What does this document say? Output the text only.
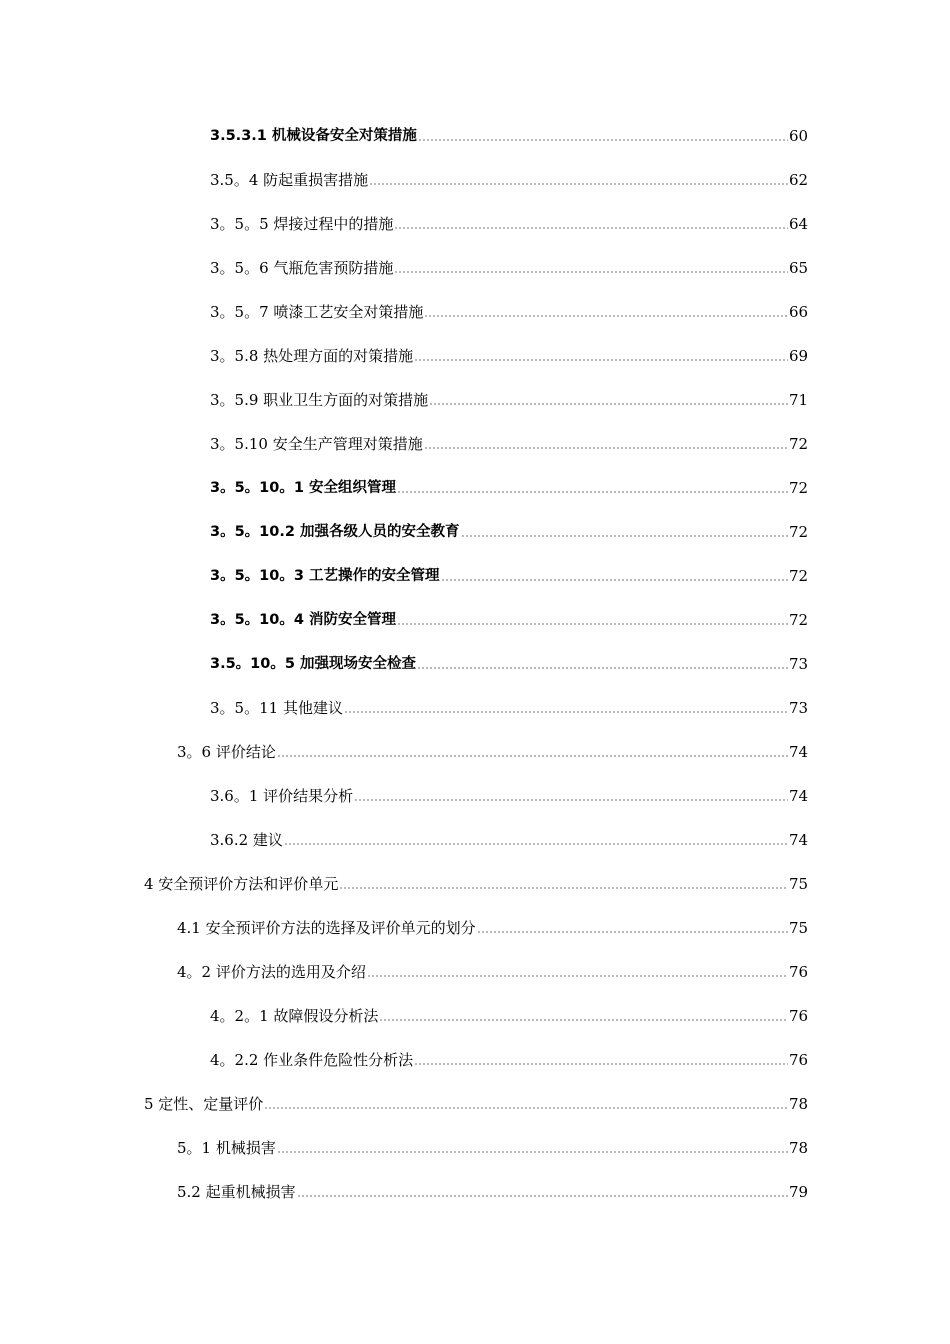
3.5.3.1 机械设备安全对策措施	60
3.5。4 防起重损害措施	62
3。5。5 焊接过程中的措施	64
3。5。6 气瓶危害预防措施	65
3。5。7 喷漆工艺安全对策措施	66
3。5.8 热处理方面的对策措施	69
3。5.9 职业卫生方面的对策措施	71
3。5.10 安全生产管理对策措施	72
3。5。10。1 安全组织管理	72
3。5。10.2 加强各级人员的安全教育	72
3。5。10。3 工艺操作的安全管理	72
3。5。10。4 消防安全管理	72
3.5。10。5 加强现场安全检查	73
3。5。11 其他建议	73
3。6 评价结论	74
3.6。1 评价结果分析	74
3.6.2 建议	74
4 安全预评价方法和评价单元	75
4.1 安全预评价方法的选择及评价单元的划分	75
4。2 评价方法的选用及介绍	76
4。2。1 故障假设分析法	76
4。2.2 作业条件危险性分析法	76
5 定性、定量评价	78
5。1 机械损害	78
5.2 起重机械损害	79
